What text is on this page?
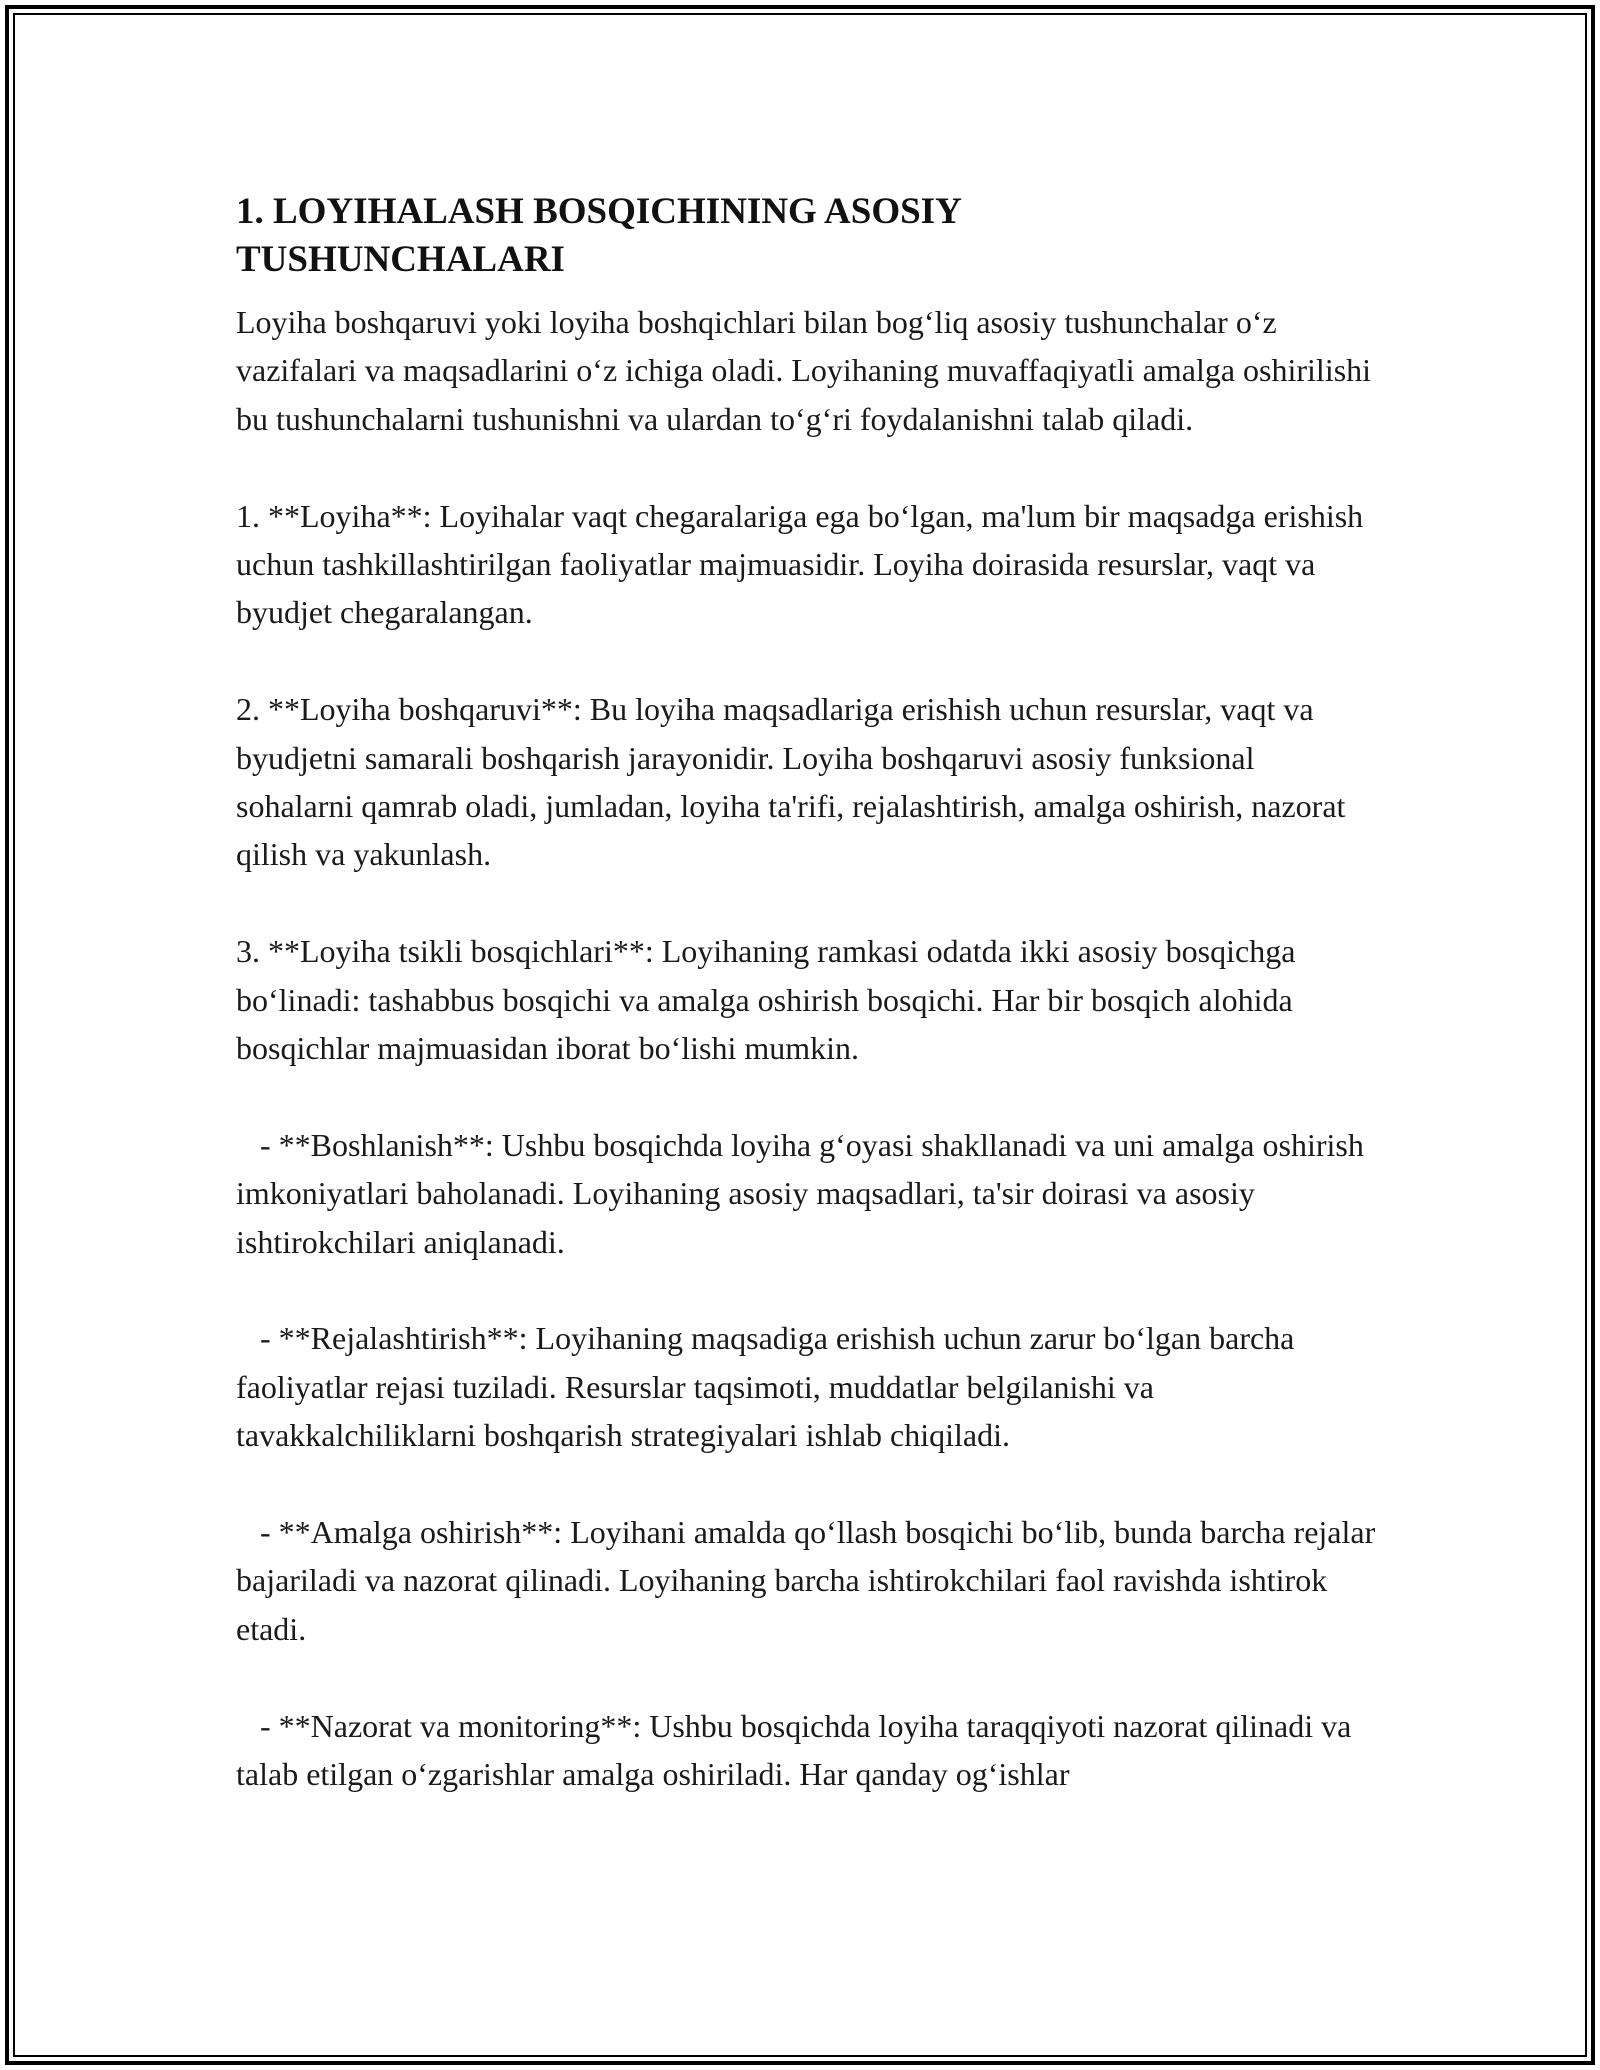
1. LOYIHALASH BOSQICHINING ASOSIY
TUSHUNCHALARI

Loyiha boshqaruvi yoki loyiha boshqichlari bilan bog‘liq asosiy tushunchalar o‘z vazifalari va maqsadlarini o‘z ichiga oladi. Loyihaning muvaffaqiyatli amalga oshirilishi bu tushunchalarni tushunishni va ulardan to‘g‘ri foydalanishni talab qiladi.

1. **Loyiha**: Loyihalar vaqt chegaralariga ega bo‘lgan, ma'lum bir maqsadga erishish uchun tashkillashtirilgan faoliyatlar majmuasidir. Loyiha doirasida resurslar, vaqt va byudjet chegaralangan.

2. **Loyiha boshqaruvi**: Bu loyiha maqsadlariga erishish uchun resurslar, vaqt va byudjetni samarali boshqarish jarayonidir. Loyiha boshqaruvi asosiy funksional sohalarni qamrab oladi, jumladan, loyiha ta'rifi, rejalashtirish, amalga oshirish, nazorat qilish va yakunlash.

3. **Loyiha tsikli bosqichlari**: Loyihaning ramkasi odatda ikki asosiy bosqichga bo‘linadi: tashabbus bosqichi va amalga oshirish bosqichi. Har bir bosqich alohida bosqichlar majmuasidan iborat bo‘lishi mumkin.

- **Boshlanish**: Ushbu bosqichda loyiha g‘oyasi shakllanadi va uni amalga oshirish imkoniyatlari baholanadi. Loyihaning asosiy maqsadlari, ta'sir doirasi va asosiy ishtirokchilari aniqlanadi.

- **Rejalashtirish**: Loyihaning maqsadiga erishish uchun zarur bo‘lgan barcha faoliyatlar rejasi tuziladi. Resurslar taqsimoti, muddatlar belgilanishi va tavakkalchiliklarni boshqarish strategiyalari ishlab chiqiladi.

- **Amalga oshirish**: Loyihani amalda qo‘llash bosqichi bo‘lib, bunda barcha rejalar bajariladi va nazorat qilinadi. Loyihaning barcha ishtirokchilari faol ravishda ishtirok etadi.

- **Nazorat va monitoring**: Ushbu bosqichda loyiha taraqqiyoti nazorat qilinadi va talab etilgan o‘zgarishlar amalga oshiriladi. Har qanday og‘ishlar
